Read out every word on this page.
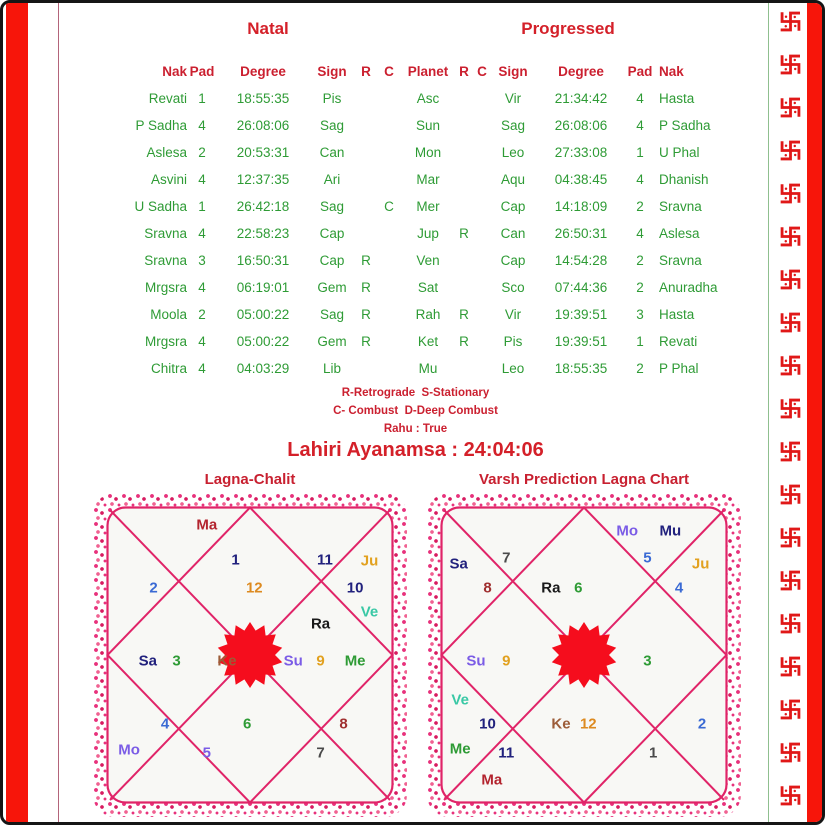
Natal	Progressed
Nak	Pad	Degree	Sign	R	C	Planet	R	C	Sign	Degree	Pad	Nak
Revati	1	18:55:35	Pis			Asc			Vir	21:34:42	4	Hasta
P Sadha	4	26:08:06	Sag			Sun			Sag	26:08:06	4	P Sadha
Aslesa	2	20:53:31	Can			Mon			Leo	27:33:08	1	U Phal
Asvini	4	12:37:35	Ari			Mar			Aqu	04:38:45	4	Dhanish
U Sadha	1	26:42:18	Sag		C	Mer			Cap	14:18:09	2	Sravna
Sravna	4	22:58:23	Cap			Jup	R		Can	26:50:31	4	Aslesa
Sravna	3	16:50:31	Cap	R		Ven			Cap	14:54:28	2	Sravna
Mrgsra	4	06:19:01	Gem	R		Sat			Sco	07:44:36	2	Anuradha
Moola	2	05:00:22	Sag	R		Rah	R		Vir	19:39:51	3	Hasta
Mrgsra	4	05:00:22	Gem	R		Ket	R		Pis	19:39:51	1	Revati
Chitra	4	04:03:29	Lib			Mu			Leo	18:55:35	2	P Phal
R-Retrograde  S-Stationary
C- Combust  D-Deep Combust
Rahu : True
Lahiri Ayanamsa : 24:04:06
Lagna-Chalit
Ma
1
2	12
11 Ju
10
Ve
Ra
Sa 3 Ke	Su 9 Me
4
Mo	5
6
7
8
Varsh Prediction Lagna Chart
Mo Mu
Sa 7	5	Ju
8	Ra 6	4
Su 9	3
Ve
10	Ke 12	2
Me 11	1
Ma
